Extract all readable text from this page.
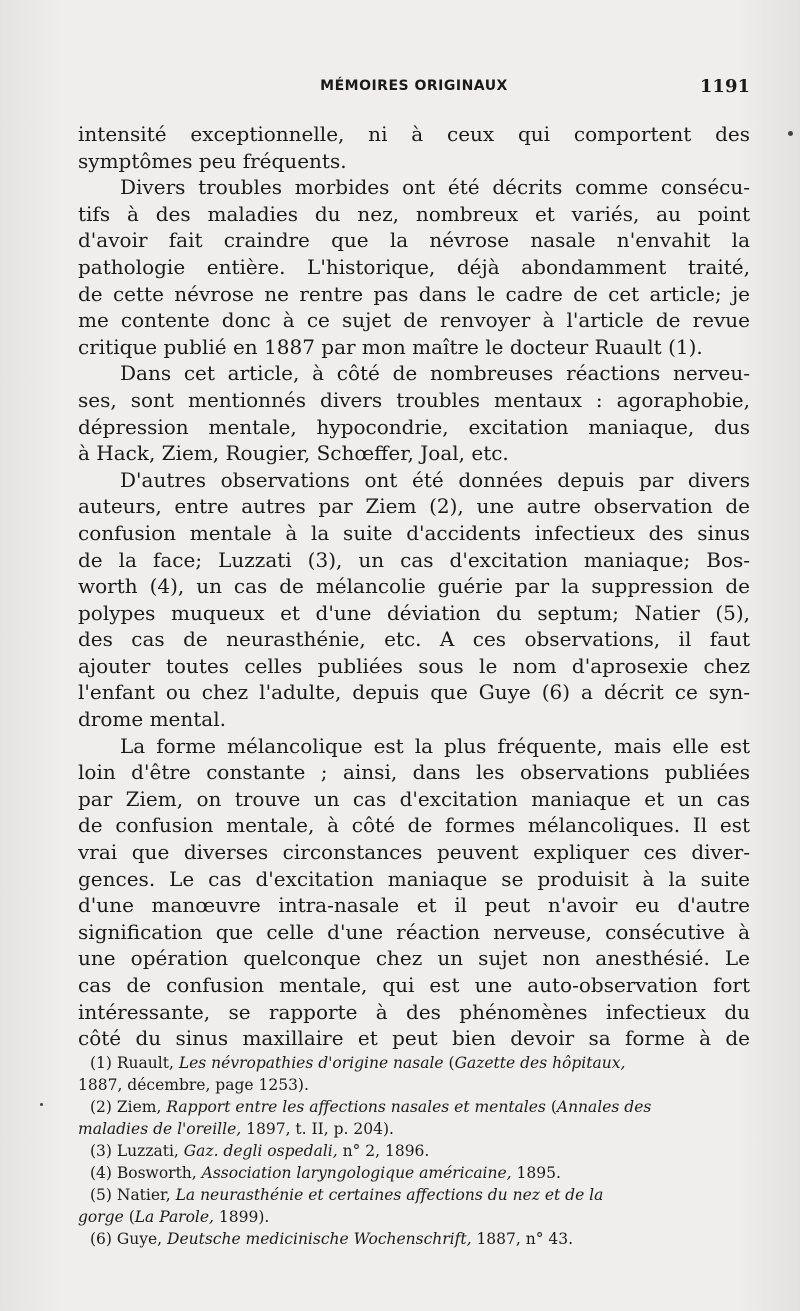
MÉMOIRES ORIGINAUX	1191
intensité exceptionnelle, ni à ceux qui comportent des
symptômes peu fréquents.
Divers troubles morbides ont été décrits comme consécu-
tifs à des maladies du nez, nombreux et variés, au point
d'avoir fait craindre que la névrose nasale n'envahit la
pathologie entière. L'historique, déjà abondamment traité,
de cette névrose ne rentre pas dans le cadre de cet article; je
me contente donc à ce sujet de renvoyer à l'article de revue
critique publié en 1887 par mon maître le docteur Ruault (1).
Dans cet article, à côté de nombreuses réactions nerveu-
ses, sont mentionnés divers troubles mentaux : agoraphobie,
dépression mentale, hypocondrie, excitation maniaque, dus
à Hack, Ziem, Rougier, Schœffer, Joal, etc.
D'autres observations ont été données depuis par divers
auteurs, entre autres par Ziem (2), une autre observation de
confusion mentale à la suite d'accidents infectieux des sinus
de la face; Luzzati (3), un cas d'excitation maniaque; Bos-
worth (4), un cas de mélancolie guérie par la suppression de
polypes muqueux et d'une déviation du septum; Natier (5),
des cas de neurasthénie, etc. A ces observations, il faut
ajouter toutes celles publiées sous le nom d'aprosexie chez
l'enfant ou chez l'adulte, depuis que Guye (6) a décrit ce syn-
drome mental.
La forme mélancolique est la plus fréquente, mais elle est
loin d'être constante ; ainsi, dans les observations publiées
par Ziem, on trouve un cas d'excitation maniaque et un cas
de confusion mentale, à côté de formes mélancoliques. Il est
vrai que diverses circonstances peuvent expliquer ces diver-
gences. Le cas d'excitation maniaque se produisit à la suite
d'une manœuvre intra-nasale et il peut n'avoir eu d'autre
signification que celle d'une réaction nerveuse, consécutive à
une opération quelconque chez un sujet non anesthésié. Le
cas de confusion mentale, qui est une auto-observation fort
intéressante, se rapporte à des phénomènes infectieux du
côté du sinus maxillaire et peut bien devoir sa forme à de
(1) Ruault, Les névropathies d'origine nasale (Gazette des hôpitaux,
1887, décembre, page 1253).
(2) Ziem, Rapport entre les affections nasales et mentales (Annales des
maladies de l'oreille, 1897, t. II, p. 204).
(3) Luzzati, Gaz. degli ospedali, n° 2, 1896.
(4) Bosworth, Association laryngologique américaine, 1895.
(5) Natier, La neurasthénie et certaines affections du nez et de la
gorge (La Parole, 1899).
(6) Guye, Deutsche medicinische Wochenschrift, 1887, n° 43.
